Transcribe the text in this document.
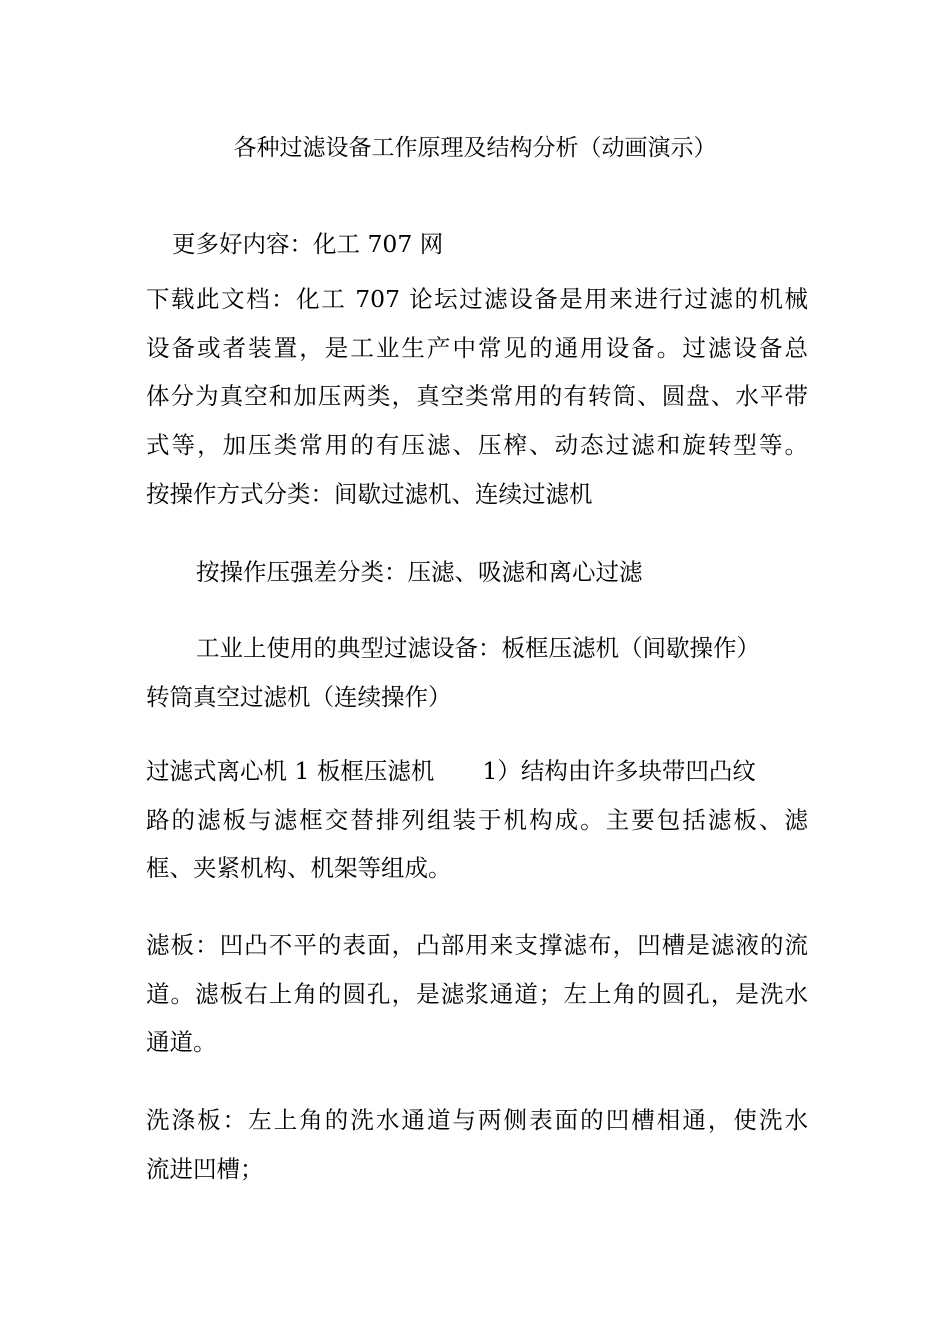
各种过滤设备工作原理及结构分析（动画演示）

更多好内容：化工 707 网

下载此文档：化工 707 论坛过滤设备是用来进行过滤的机械
设备或者装置，是工业生产中常见的通用设备。过滤设备总
体分为真空和加压两类，真空类常用的有转筒、圆盘、水平带
式等，加压类常用的有压滤、压榨、动态过滤和旋转型等。
按操作方式分类：间歇过滤机、连续过滤机

按操作压强差分类：压滤、吸滤和离心过滤

工业上使用的典型过滤设备：板框压滤机（间歇操作）
转筒真空过滤机（连续操作）

过滤式离心机 1 板框压滤机 1）结构由许多块带凹凸纹
路的滤板与滤框交替排列组装于机构成。主要包括滤板、滤
框、夹紧机构、机架等组成。

滤板：凹凸不平的表面，凸部用来支撑滤布，凹槽是滤液的流
道。滤板右上角的圆孔，是滤浆通道；左上角的圆孔，是洗水
通道。

洗涤板：左上角的洗水通道与两侧表面的凹槽相通，使洗水
流进凹槽；
